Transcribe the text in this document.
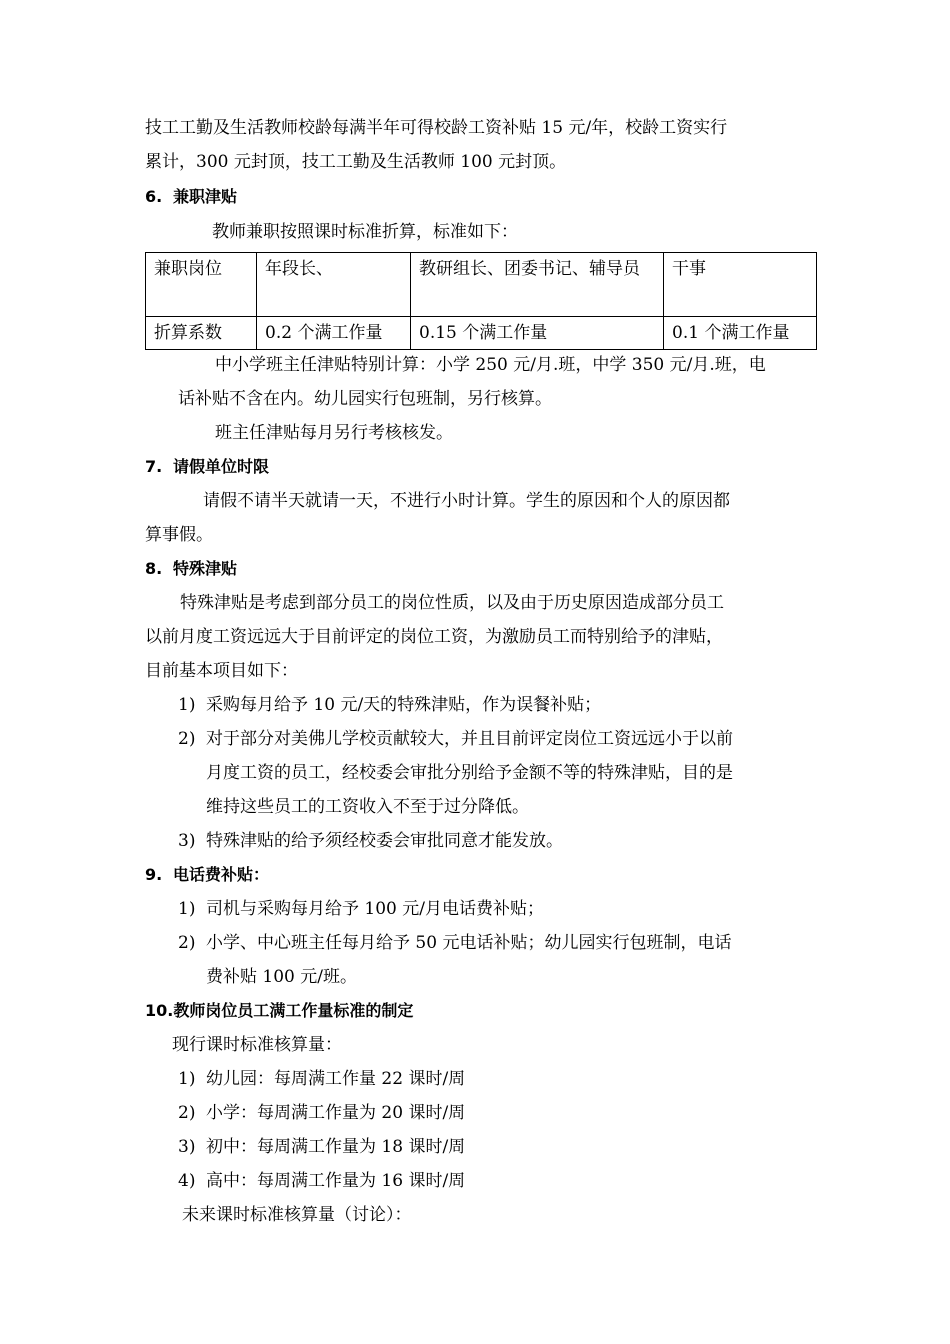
技工工勤及生活教师校龄每满半年可得校龄工资补贴 15 元/年，校龄工资实行
累计，300 元封顶，技工工勤及生活教师 100 元封顶。
6. 兼职津贴
教师兼职按照课时标准折算，标准如下：
兼职岗位	年段长、	教研组长、团委书记、辅导员	干事
折算系数	0.2 个满工作量	0.15 个满工作量	0.1 个满工作量
中小学班主任津贴特别计算：小学 250 元/月.班，中学 350 元/月.班，电
话补贴不含在内。幼儿园实行包班制，另行核算。
班主任津贴每月另行考核核发。
7. 请假单位时限
请假不请半天就请一天，不进行小时计算。学生的原因和个人的原因都
算事假。
8. 特殊津贴
特殊津贴是考虑到部分员工的岗位性质，以及由于历史原因造成部分员工
以前月度工资远远大于目前评定的岗位工资，为激励员工而特别给予的津贴，
目前基本项目如下：
1) 采购每月给予 10 元/天的特殊津贴，作为误餐补贴；
2) 对于部分对美佛儿学校贡献较大，并且目前评定岗位工资远远小于以前
月度工资的员工，经校委会审批分别给予金额不等的特殊津贴，目的是
维持这些员工的工资收入不至于过分降低。
3) 特殊津贴的给予须经校委会审批同意才能发放。
9. 电话费补贴：
1) 司机与采购每月给予 100 元/月电话费补贴；
2) 小学、中心班主任每月给予 50 元电话补贴；幼儿园实行包班制，电话
费补贴 100 元/班。
10.教师岗位员工满工作量标准的制定
现行课时标准核算量：
1) 幼儿园：每周满工作量 22 课时/周
2) 小学：每周满工作量为 20 课时/周
3) 初中：每周满工作量为 18 课时/周
4) 高中：每周满工作量为 16 课时/周
未来课时标准核算量（讨论）：
